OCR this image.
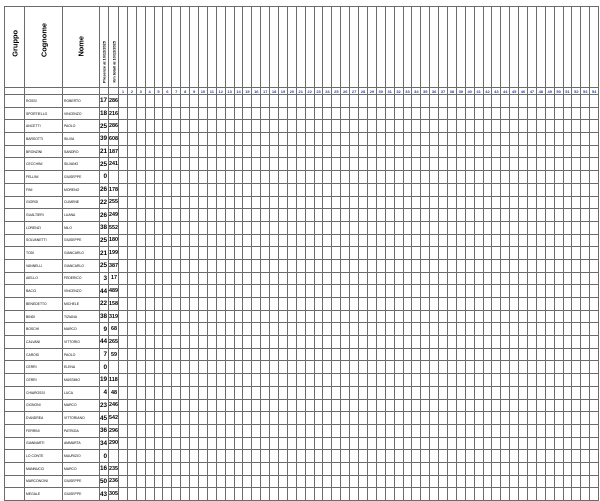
Gruppo	Cognome	Nome	Presenze al 10/12/2025	Km totali al 10/12/2025																																																						

					1	2	3	4	5	6	7	8	9	10	11	12	13	14	15	16	17	18	19	20	21	22	23	24	25	26	27	28	29	30	31	32	33	34	35	36	37	38	39	40	41	42	43	44	45	46	47	48	49	50	51	52	53	54
	ROSSI	ROBERTO	17	286																																																						
	SPORTIELLO	VINCENZO	18	216																																																						
	ANCETTI	PAOLO	25	286																																																						
	BARSOTTI	SILVIA	39	608																																																						
	BRONZINI	SANDRO	21	187																																																						
	CECCHINI	SILVANO	25	241																																																						
	FELLINI	GIUSEPPE	0																																																							
	FINI	MORENO	26	178																																																						
	GIORGI	CLIMENE	22	255																																																						
	GUALTIERI	LUANA	26	249																																																						
	LORENZI	NILO	38	552																																																						
	SOLVANETTI	GIUSEPPE	25	180																																																						
	TODI	GIANCARLO	21	199																																																						
	VANNELLI	GIANCARLO	25	387																																																						
	AIELLO	FEDERICO	3	17																																																						
	BACCI	VINCENZO	44	489																																																						
	BENEDETTO	MICHELE	22	158																																																						
	BINDI	TIZIANA	38	319																																																						
	BOSCHI	MARCO	9	68																																																						
	CALVANI	VITTORIO	44	265																																																						
	CAROSI	PAOLO	7	59																																																						
	CERRI	ELENA	0																																																							
	CERRI	MASSIMO	19	118																																																						
	CHIAROSSI	LUCA	4	48																																																						
	CIGNONI	MARCO	23	246																																																						
	D'ANDREA	VITTORIANO	45	542																																																						
	FERRINI	PATRIZIA	36	296																																																						
	GIANNARTI	AMMARTA	34	290																																																						
	LO CONTE	MAURIZIO	0																																																							
	MANNUCCI	MARCO	16	235																																																						
	MARCONCINI	GIUSEPPE	50	236																																																						
	MEGALE	GIUSEPPE	43	305																																																						
